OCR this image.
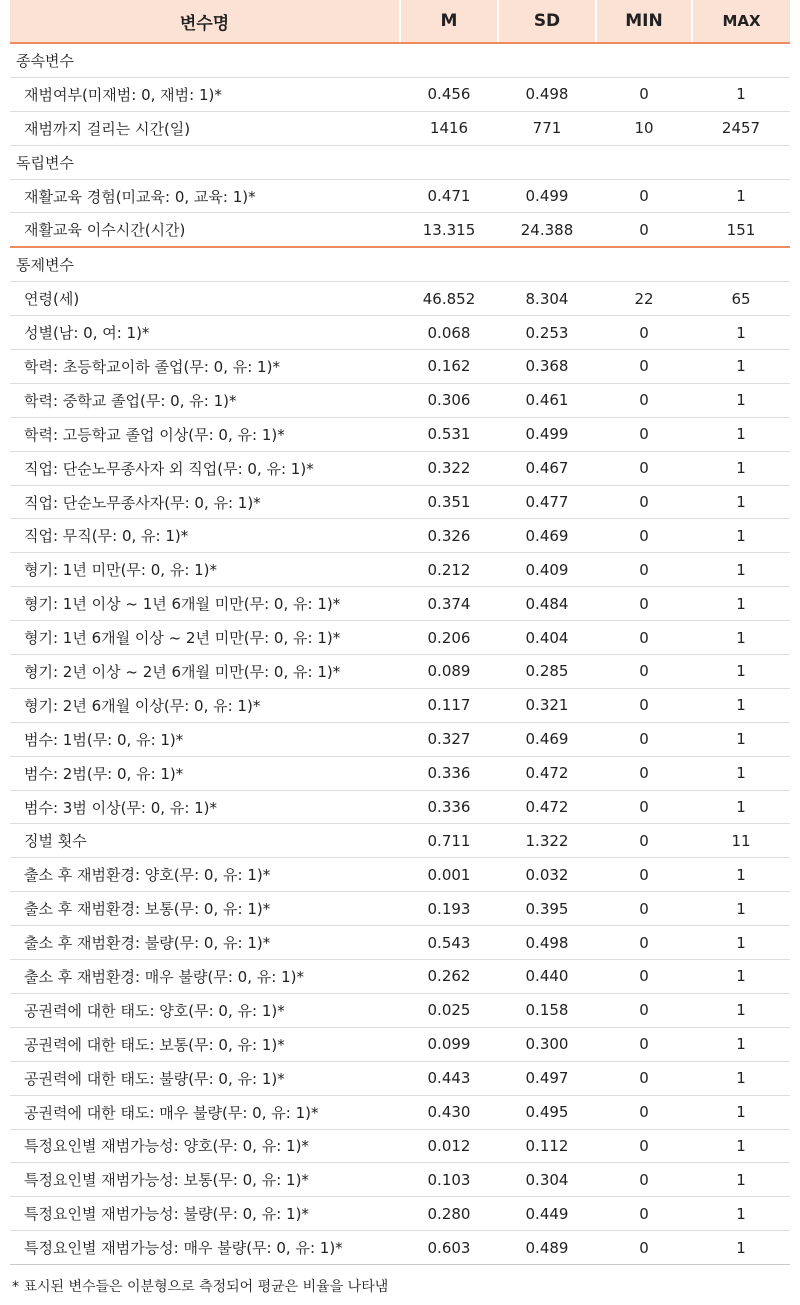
변수명	M	SD	MIN	MAX
종속변수				
재범여부(미재범: 0, 재범: 1)*	0.456	0.498	0	1
재범까지 걸리는 시간(일)	1416	771	10	2457
독립변수				
재활교육 경험(미교육: 0, 교육: 1)*	0.471	0.499	0	1
재활교육 이수시간(시간)	13.315	24.388	0	151
통제변수				
연령(세)	46.852	8.304	22	65
성별(남: 0, 여: 1)*	0.068	0.253	0	1
학력: 초등학교이하 졸업(무: 0, 유: 1)*	0.162	0.368	0	1
학력: 중학교 졸업(무: 0, 유: 1)*	0.306	0.461	0	1
학력: 고등학교 졸업 이상(무: 0, 유: 1)*	0.531	0.499	0	1
직업: 단순노무종사자 외 직업(무: 0, 유: 1)*	0.322	0.467	0	1
직업: 단순노무종사자(무: 0, 유: 1)*	0.351	0.477	0	1
직업: 무직(무: 0, 유: 1)*	0.326	0.469	0	1
형기: 1년 미만(무: 0, 유: 1)*	0.212	0.409	0	1
형기: 1년 이상 ~ 1년 6개월 미만(무: 0, 유: 1)*	0.374	0.484	0	1
형기: 1년 6개월 이상 ~ 2년 미만(무: 0, 유: 1)*	0.206	0.404	0	1
형기: 2년 이상 ~ 2년 6개월 미만(무: 0, 유: 1)*	0.089	0.285	0	1
형기: 2년 6개월 이상(무: 0, 유: 1)*	0.117	0.321	0	1
범수: 1범(무: 0, 유: 1)*	0.327	0.469	0	1
범수: 2범(무: 0, 유: 1)*	0.336	0.472	0	1
범수: 3범 이상(무: 0, 유: 1)*	0.336	0.472	0	1
징벌 횟수	0.711	1.322	0	11
출소 후 재범환경: 양호(무: 0, 유: 1)*	0.001	0.032	0	1
출소 후 재범환경: 보통(무: 0, 유: 1)*	0.193	0.395	0	1
출소 후 재범환경: 불량(무: 0, 유: 1)*	0.543	0.498	0	1
출소 후 재범환경: 매우 불량(무: 0, 유: 1)*	0.262	0.440	0	1
공권력에 대한 태도: 양호(무: 0, 유: 1)*	0.025	0.158	0	1
공권력에 대한 태도: 보통(무: 0, 유: 1)*	0.099	0.300	0	1
공권력에 대한 태도: 불량(무: 0, 유: 1)*	0.443	0.497	0	1
공권력에 대한 태도: 매우 불량(무: 0, 유: 1)*	0.430	0.495	0	1
특정요인별 재범가능성: 양호(무: 0, 유: 1)*	0.012	0.112	0	1
특정요인별 재범가능성: 보통(무: 0, 유: 1)*	0.103	0.304	0	1
특정요인별 재범가능성: 불량(무: 0, 유: 1)*	0.280	0.449	0	1
특정요인별 재범가능성: 매우 불량(무: 0, 유: 1)*	0.603	0.489	0	1
* 표시된 변수들은 이분형으로 측정되어 평균은 비율을 나타냄
